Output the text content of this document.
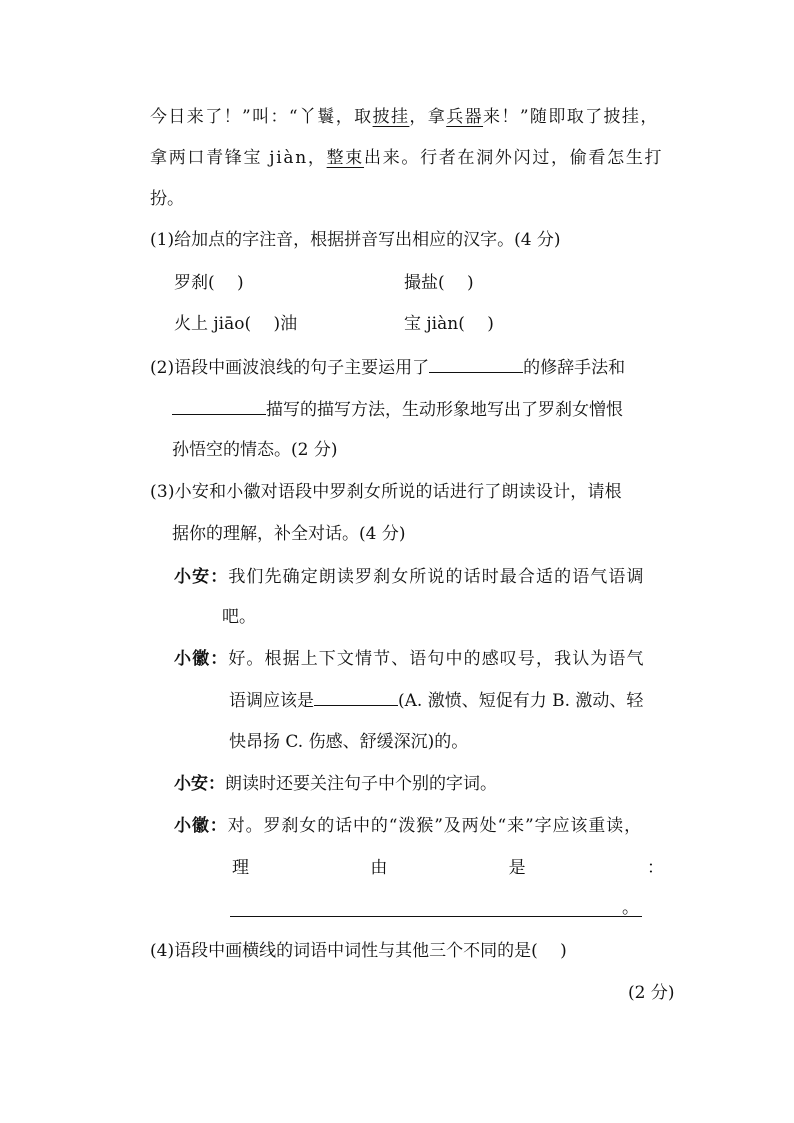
今日来了！”叫：“丫鬟，取披挂，拿兵器来！”随即取了披挂，
拿两口青锋宝 jiàn，整束出来。行者在洞外闪过，偷看怎生打
扮。
(1)给加点的字注音，根据拼音写出相应的汉字。(4 分)
罗刹(　 )	撮盐(　 )
火上 jiāo(　 )油	宝 jiàn(　 )
(2)语段中画波浪线的句子主要运用了	的修辞手法和
描写的描写方法，生动形象地写出了罗刹女憎恨
孙悟空的情态。(2 分)
(3)小安和小徽对语段中罗刹女所说的话进行了朗读设计，请根
据你的理解，补全对话。(4 分)
小安：我们先确定朗读罗刹女所说的话时最合适的语气语调
吧。
小徽：好。根据上下文情节、语句中的感叹号，我认为语气
语调应该是	(A. 激愤、短促有力 B. 激动、轻
快昂扬 C. 伤感、舒缓深沉)的。
小安：朗读时还要关注句子中个别的字词。
小徽：对。罗刹女的话中的“泼猴”及两处“来”字应该重读，
理	由	是	：
。
(4)语段中画横线的词语中词性与其他三个不同的是(　 )
(2 分)
